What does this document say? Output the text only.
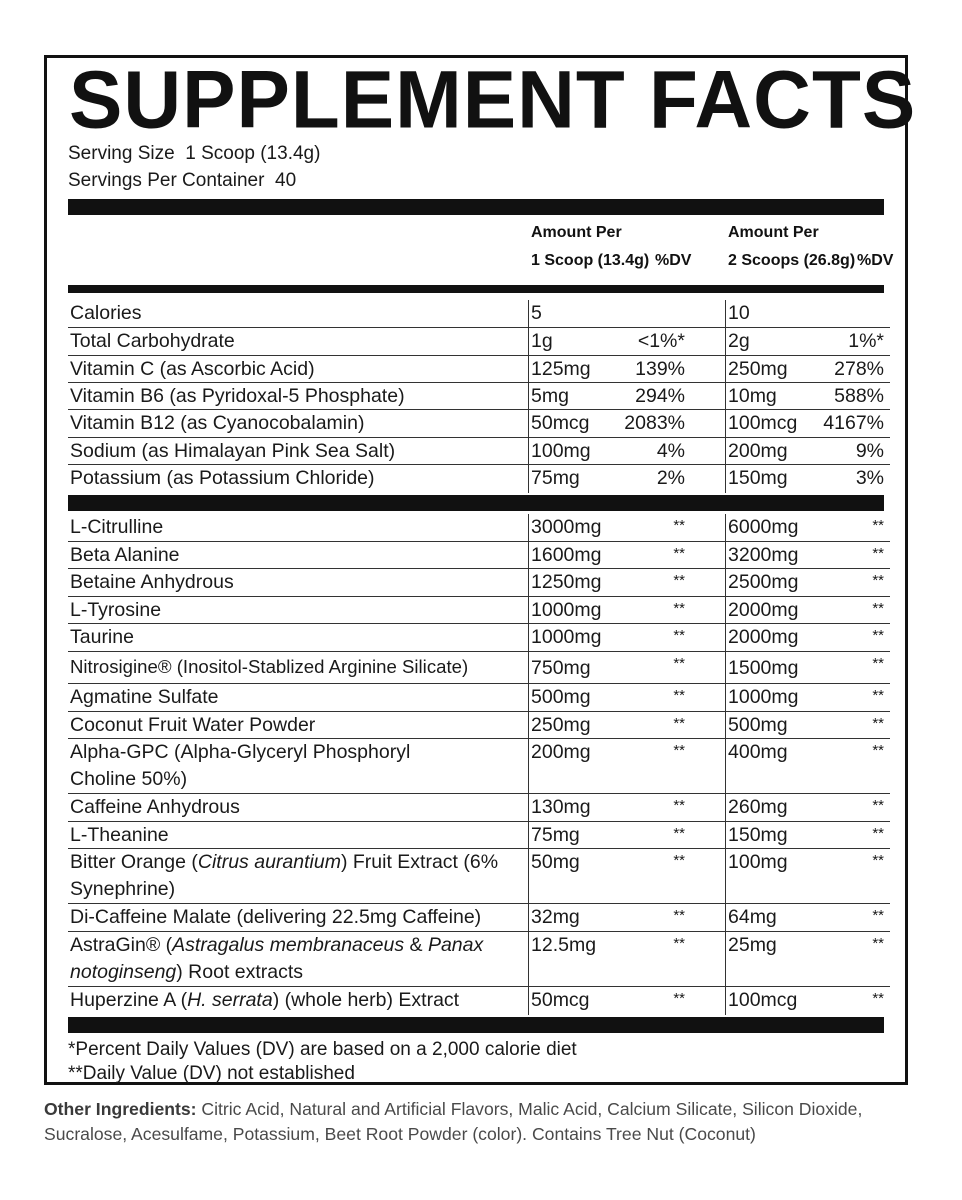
SUPPLEMENT FACTS
Serving Size 1 Scoop (13.4g)
Servings Per Container 40
Amount Per
1 Scoop (13.4g) %DV
Amount Per
2 Scoops (26.8g) %DV
Calories	5	10
Total Carbohydrate	1g	<1%* 2g	1%*
Vitamin C (as Ascorbic Acid)	125mg 139% 250mg 278%
Vitamin B6 (as Pyridoxal-5 Phosphate)	5mg	294% 10mg	588%
Vitamin B12 (as Cyanocobalamin)	50mcg 2083% 100mcg 4167%
Sodium (as Himalayan Pink Sea Salt)	100mg	4% 200mg	9%
Potassium (as Potassium Chloride)	75mg	2% 150mg	3%
L-Citrulline	3000mg	** 6000mg	**
Beta Alanine	1600mg	** 3200mg	**
Betaine Anhydrous	1250mg	** 2500mg	**
L-Tyrosine	1000mg	** 2000mg	**
Taurine	1000mg	** 2000mg	**
Nitrosigine® (Inositol-Stablized Arginine Silicate)	750mg	** 1500mg	**
Agmatine Sulfate	500mg	** 1000mg	**
Coconut Fruit Water Powder	250mg	** 500mg	**
Alpha-GPC (Alpha-Glyceryl Phosphoryl Choline 50%)
200mg	** 400mg	**
Caffeine Anhydrous	130mg	** 260mg	**
L-Theanine	75mg	** 150mg	**
Bitter Orange (Citrus aurantium) Fruit Extract (6% Synephrine)
50mg	** 100mg	**
Di-Caffeine Malate (delivering 22.5mg Caffeine)	32mg	** 64mg	**
AstraGin® (Astragalus membranaceus & Panax notoginseng) Root extracts
12.5mg	** 25mg	**
Huperzine A (H. serrata) (whole herb) Extract	50mcg	** 100mcg	**
*Percent Daily Values (DV) are based on a 2,000 calorie diet
**Daily Value (DV) not established
Other Ingredients: Citric Acid, Natural and Artificial Flavors, Malic Acid, Calcium Silicate, Silicon Dioxide, Sucralose, Acesulfame, Potassium, Beet Root Powder (color). Contains Tree Nut (Coconut)
